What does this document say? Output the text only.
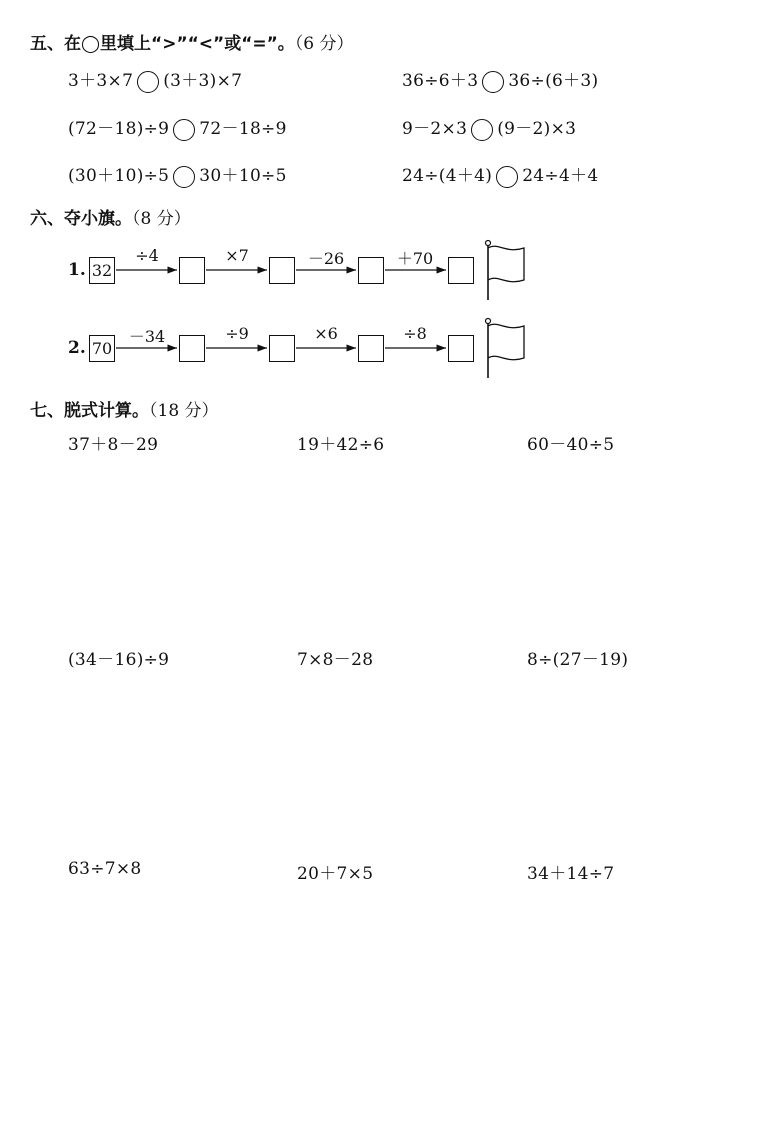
五、在◯里填上“>”“<”或“=”。（6 分）
3＋3×7 (3＋3)×7	36÷6＋3 36÷(6＋3)
(72－18)÷9 72－18÷9	9－2×3 (9－2)×3
(30＋10)÷5 30＋10÷5	24÷(4＋4) 24÷4＋4
六、夺小旗。（8 分）
1. 32
÷4	×7	－26	＋70
2. 70
－34	÷9	×6	÷8
七、脱式计算。（18 分）
37＋8－29	19＋42÷6	60－40÷5
(34－16)÷9	7×8－28	8÷(27－19)
63÷7×8	20＋7×5	34＋14÷7
